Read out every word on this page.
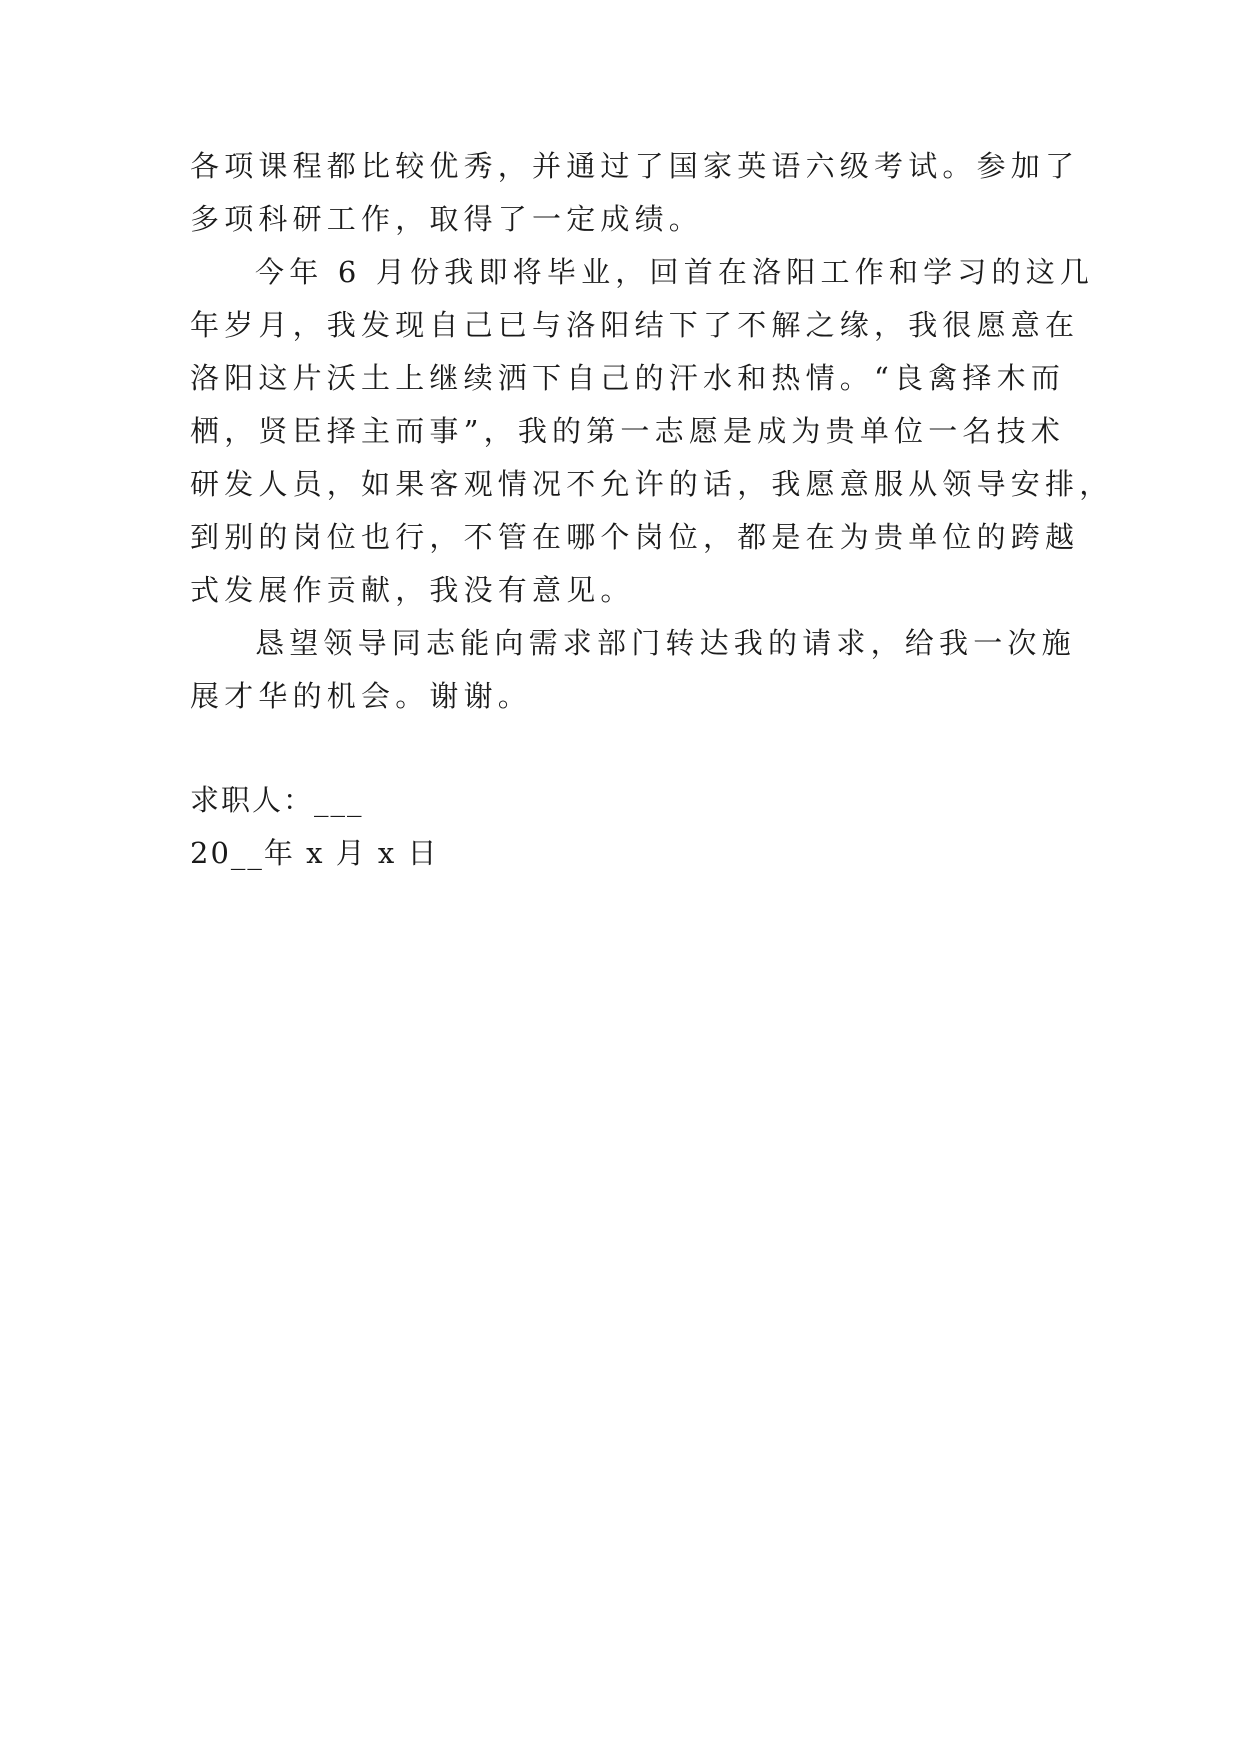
各项课程都比较优秀，并通过了国家英语六级考试。参加了
多项科研工作，取得了一定成绩。
今年 6 月份我即将毕业，回首在洛阳工作和学习的这几
年岁月，我发现自己已与洛阳结下了不解之缘，我很愿意在
洛阳这片沃土上继续洒下自己的汗水和热情。“良禽择木而
栖，贤臣择主而事”，我的第一志愿是成为贵单位一名技术
研发人员，如果客观情况不允许的话，我愿意服从领导安排，
到别的岗位也行，不管在哪个岗位，都是在为贵单位的跨越
式发展作贡献，我没有意见。
恳望领导同志能向需求部门转达我的请求，给我一次施
展才华的机会。谢谢。
求职人：___
20__年 x 月 x 日
